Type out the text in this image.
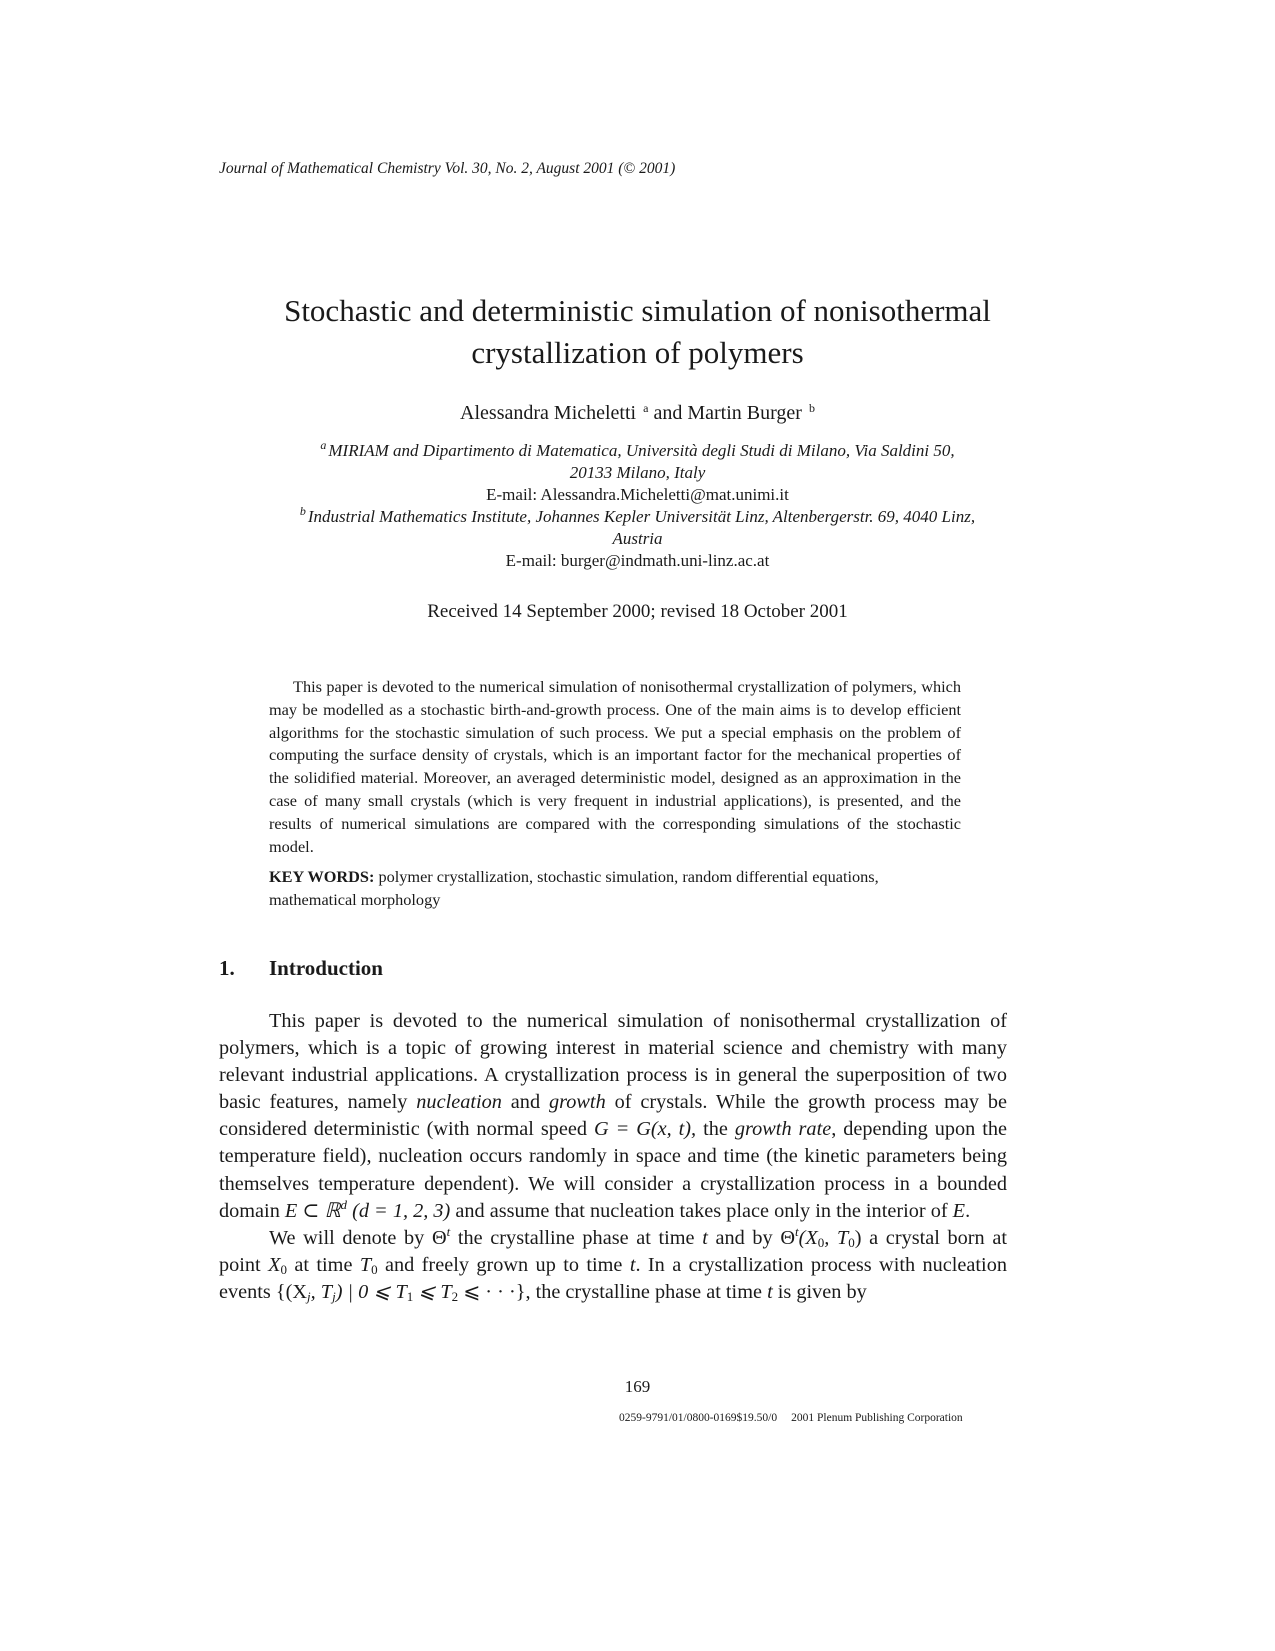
Journal of Mathematical Chemistry Vol. 30, No. 2, August 2001 (© 2001)
Stochastic and deterministic simulation of nonisothermal
crystallization of polymers
Alessandra Micheletti $^a$ and Martin Burger $^b$
$^a$ MIRIAM and Dipartimento di Matematica, Università degli Studi di Milano, Via Saldini 50,
20133 Milano, Italy
E-mail: Alessandra.Micheletti@mat.unimi.it
$^b$ Industrial Mathematics Institute, Johannes Kepler Universität Linz, Altenbergerstr. 69, 4040 Linz,
Austria
E-mail: burger@indmath.uni-linz.ac.at
Received 14 September 2000; revised 18 October 2001
This paper is devoted to the numerical simulation of nonisothermal crystallization of polymers, which may be modelled as a stochastic birth-and-growth process. One of the main aims is to develop efficient algorithms for the stochastic simulation of such process. We put a special emphasis on the problem of computing the surface density of crystals, which is an important factor for the mechanical properties of the solidified material. Moreover, an averaged deterministic model, designed as an approximation in the case of many small crystals (which is very frequent in industrial applications), is presented, and the results of numerical simulations are compared with the corresponding simulations of the stochastic model.
KEY WORDS: polymer crystallization, stochastic simulation, random differential equations, mathematical morphology
1. Introduction

This paper is devoted to the numerical simulation of nonisothermal crystallization of polymers, which is a topic of growing interest in material science and chemistry with many relevant industrial applications. A crystallization process is in general the superposition of two basic features, namely nucleation and growth of crystals. While the growth process may be considered deterministic (with normal speed G = G(x, t), the growth rate, depending upon the temperature field), nucleation occurs randomly in space and time (the kinetic parameters being themselves temperature dependent). We will consider a crystallization process in a bounded domain E ⊂ ℝ$^d$ (d = 1, 2, 3) and assume that nucleation takes place only in the interior of E.

We will denote by $\Theta^t$ the crystalline phase at time t and by $\Theta^t(X_0$, $T_0$) a crystal born at point $X_0$ at time $T_0$ and freely grown up to time t. In a crystallization process with nucleation events {($X_j$, $T_j$) | 0 ⩽ $T_1$ ⩽ $T_2$ ⩽ · · ·}, the crystalline phase at time t is given by

169
0259-9791/01/0800-0169$19.50/0 2001 Plenum Publishing Corporation
